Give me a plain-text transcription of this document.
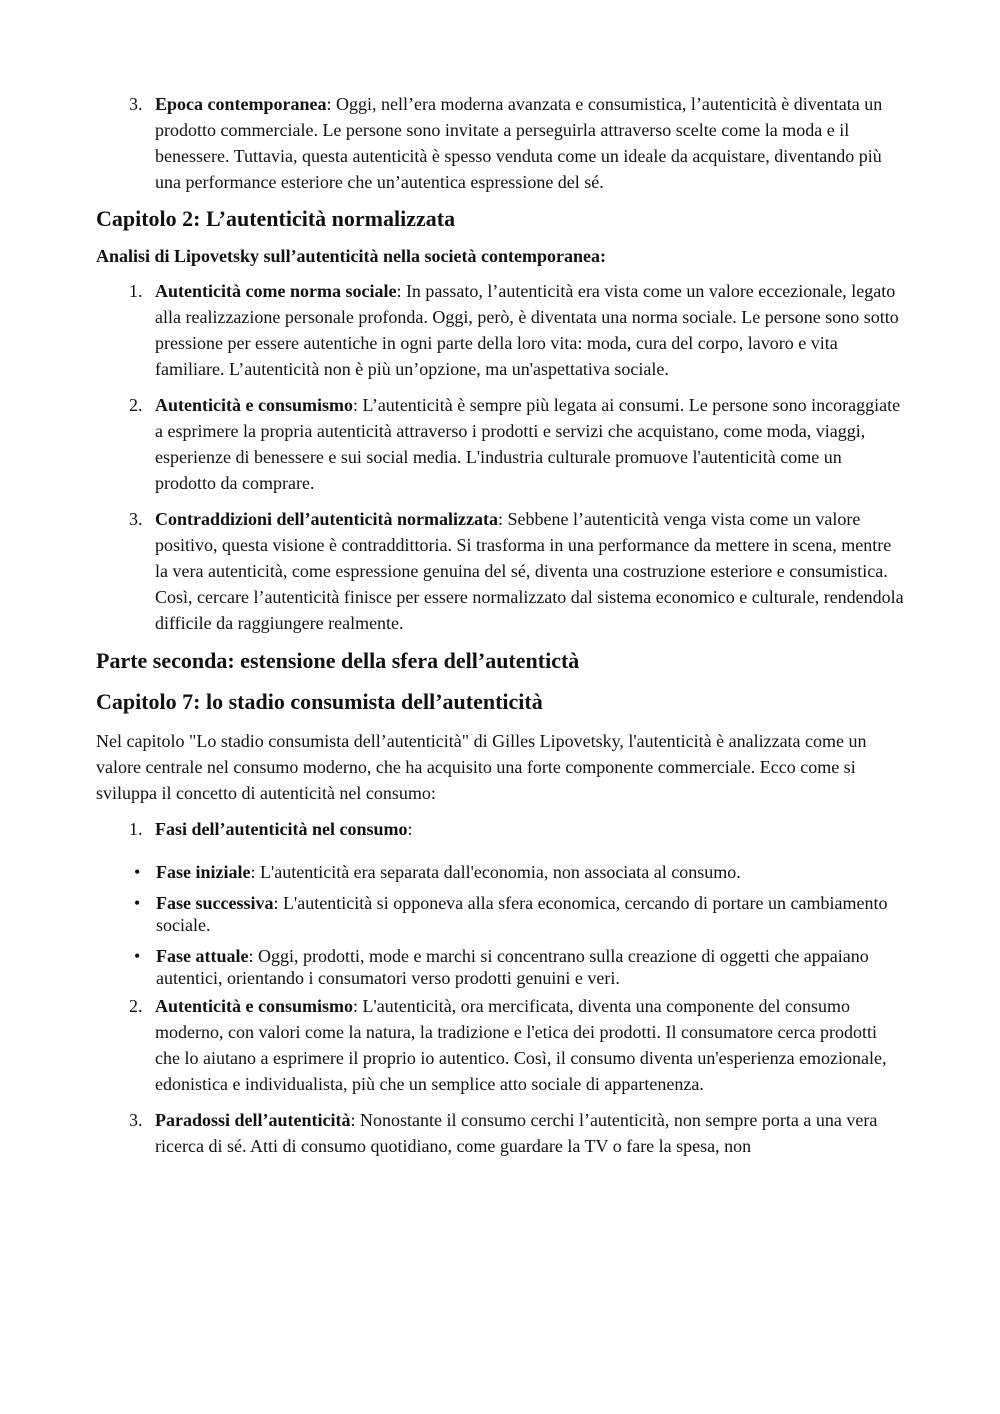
3. Epoca contemporanea: Oggi, nell’era moderna avanzata e consumistica, l’autenticità è diventata un prodotto commerciale. Le persone sono invitate a perseguirla attraverso scelte come la moda e il benessere. Tuttavia, questa autenticità è spesso venduta come un ideale da acquistare, diventando più una performance esteriore che un’autentica espressione del sé.
Capitolo 2: L’autenticità normalizzata

Analisi di Lipovetsky sull’autenticità nella società contemporanea:

1. Autenticità come norma sociale: In passato, l’autenticità era vista come un valore eccezionale, legato alla realizzazione personale profonda. Oggi, però, è diventata una norma sociale. Le persone sono sotto pressione per essere autentiche in ogni parte della loro vita: moda, cura del corpo, lavoro e vita familiare. L’autenticità non è più un’opzione, ma un'aspettativa sociale.
2. Autenticità e consumismo: L’autenticità è sempre più legata ai consumi. Le persone sono incoraggiate a esprimere la propria autenticità attraverso i prodotti e servizi che acquistano, come moda, viaggi, esperienze di benessere e sui social media. L'industria culturale promuove l'autenticità come un prodotto da comprare.
3. Contraddizioni dell’autenticità normalizzata: Sebbene l’autenticità venga vista come un valore positivo, questa visione è contraddittoria. Si trasforma in una performance da mettere in scena, mentre la vera autenticità, come espressione genuina del sé, diventa una costruzione esteriore e consumistica. Così, cercare l’autenticità finisce per essere normalizzato dal sistema economico e culturale, rendendola difficile da raggiungere realmente.
Parte seconda: estensione della sfera dell’autentictà
Capitolo 7: lo stadio consumista dell’autenticità

Nel capitolo "Lo stadio consumista dell’autenticità" di Gilles Lipovetsky, l'autenticità è analizzata come un valore centrale nel consumo moderno, che ha acquisito una forte componente commerciale. Ecco come si sviluppa il concetto di autenticità nel consumo:

1. Fasi dell’autenticità nel consumo:
• Fase iniziale: L'autenticità era separata dall'economia, non associata al consumo.
• Fase successiva: L'autenticità si opponeva alla sfera economica, cercando di portare un cambiamento sociale.
• Fase attuale: Oggi, prodotti, mode e marchi si concentrano sulla creazione di oggetti che appaiano autentici, orientando i consumatori verso prodotti genuini e veri.
2. Autenticità e consumismo: L'autenticità, ora mercificata, diventa una componente del consumo moderno, con valori come la natura, la tradizione e l'etica dei prodotti. Il consumatore cerca prodotti che lo aiutano a esprimere il proprio io autentico. Così, il consumo diventa un'esperienza emozionale, edonistica e individualista, più che un semplice atto sociale di appartenenza.
3. Paradossi dell’autenticità: Nonostante il consumo cerchi l’autenticità, non sempre porta a una vera ricerca di sé. Atti di consumo quotidiano, come guardare la TV o fare la spesa, non
